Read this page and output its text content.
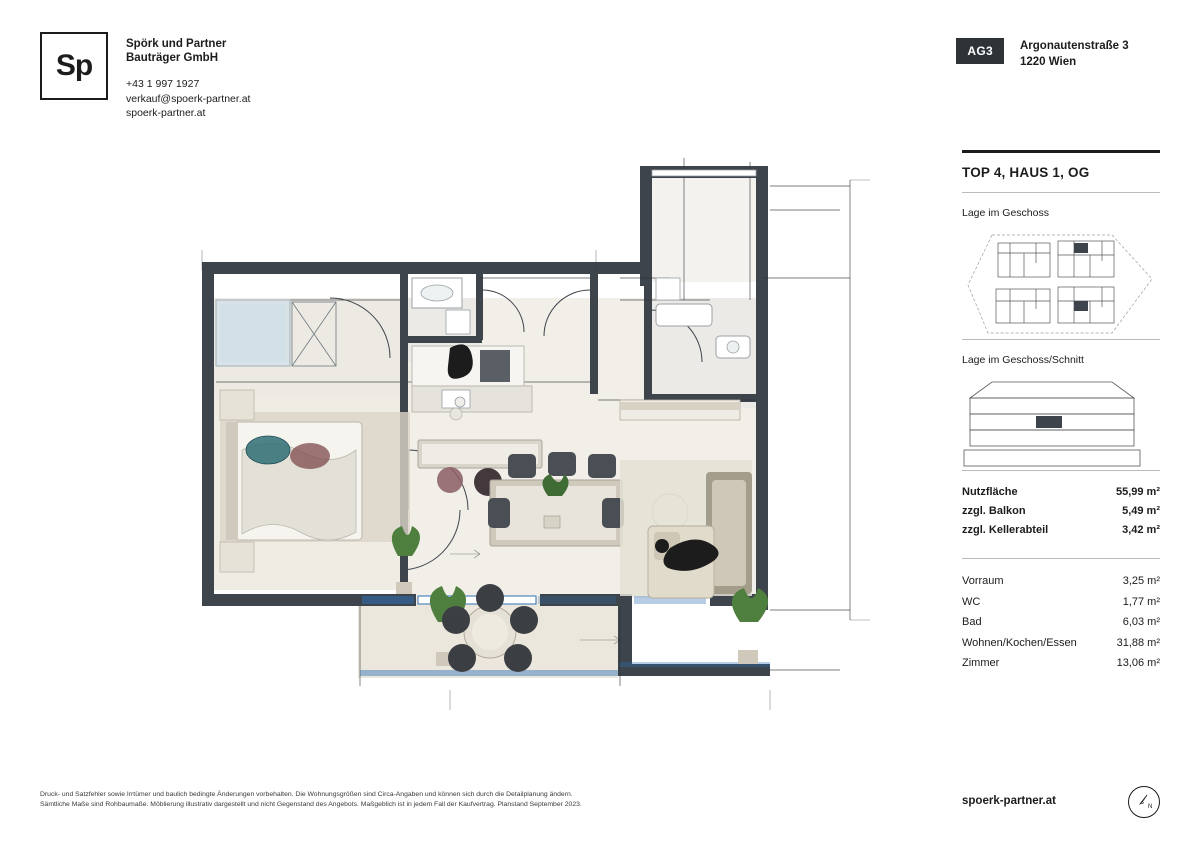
Sp
Spörk und Partner
Bauträger GmbH
+43 1 997 1927
verkauf@spoerk-partner.at
spoerk-partner.at
AG3	Argonautenstraße 3
1220 Wien
TOP 4, HAUS 1, OG
Lage im Geschoss
Lage im Geschoss/Schnitt
Nutzfläche	55,99 m²
zzgl. Balkon	5,49 m²
zzgl. Kellerabteil	3,42 m²
Vorraum	3,25 m²
WC	1,77 m²
Bad	6,03 m²
Wohnen/Kochen/Essen	31,88 m²
Zimmer	13,06 m²
spoerk-partner.at	N
Druck- und Satzfehler sowie Irrtümer und baulich bedingte Änderungen vorbehalten. Die Wohnungsgrößen sind Circa-Angaben und können sich durch die Detailplanung ändern.
Sämtliche Maße sind Rohbaumaße. Möblierung illustrativ dargestellt und nicht Gegenstand des Angebots. Maßgeblich ist in jedem Fall der Kaufvertrag. Planstand September 2023.
